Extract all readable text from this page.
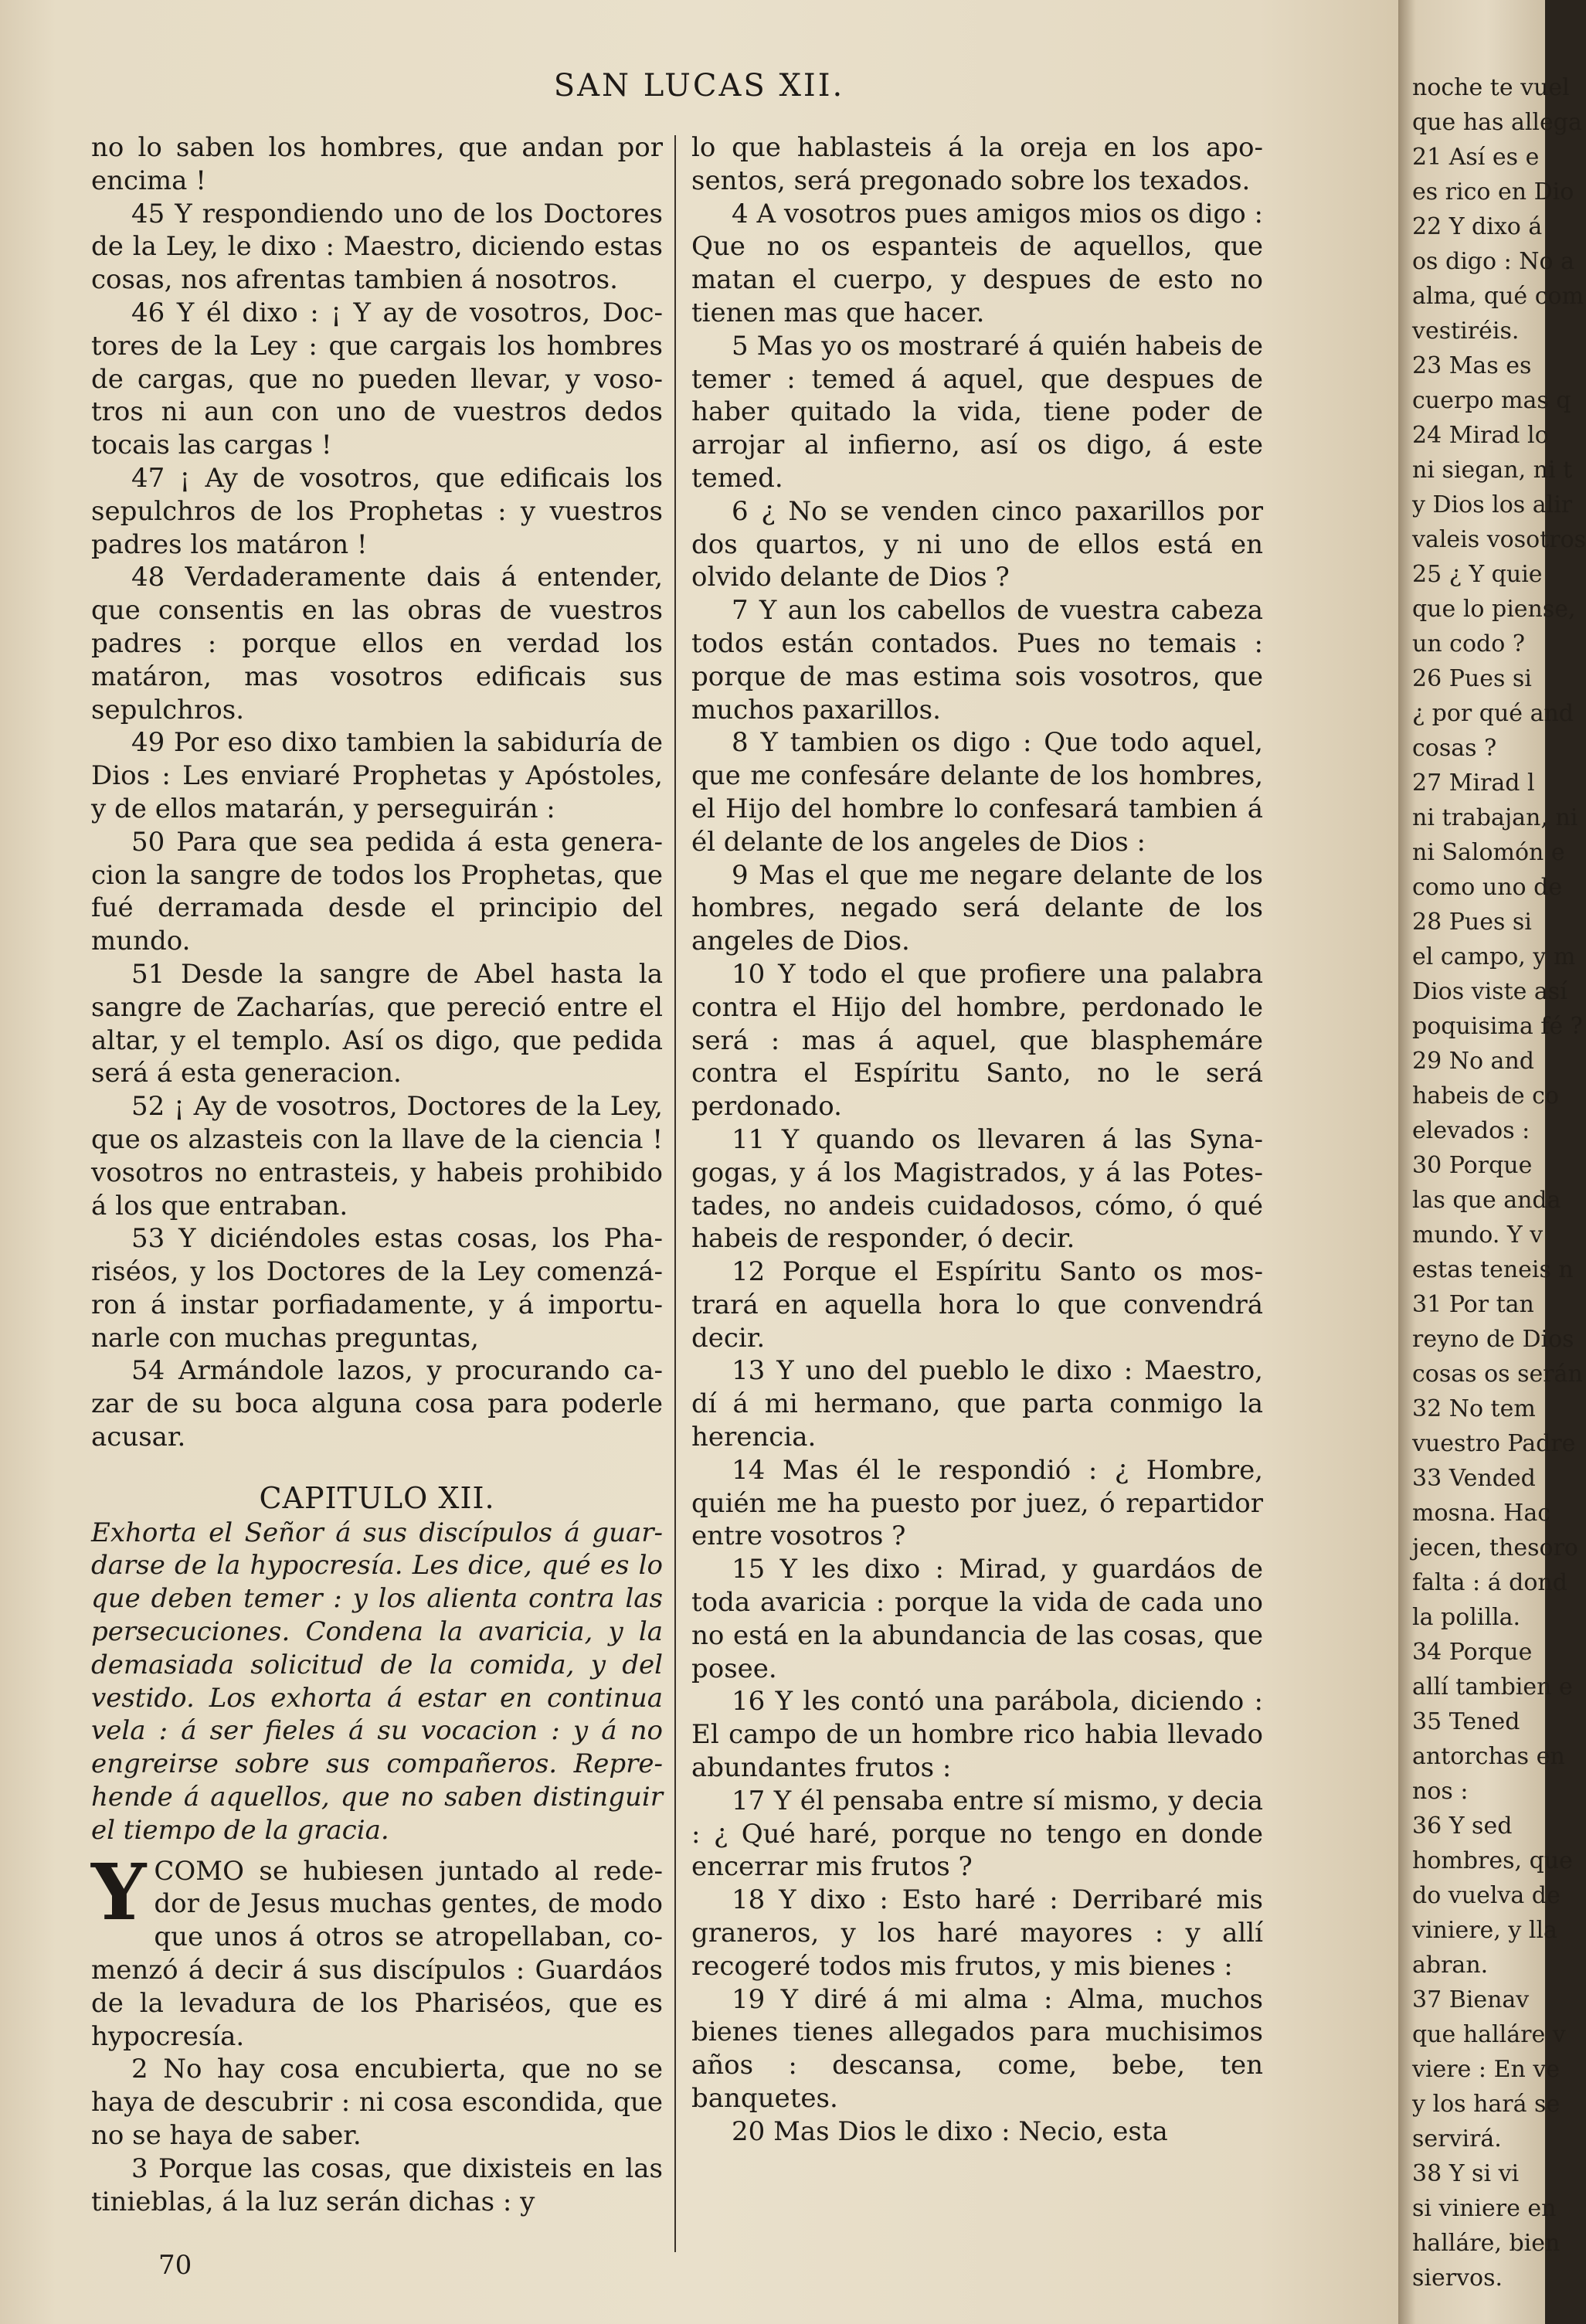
SAN LUCAS XII.

no lo saben los hombres, que andan por encima !

45 Y respondiendo uno de los Doctores de la Ley, le dixo : Maestro, diciendo estas cosas, nos afrentas tambien á nosotros.

46 Y él dixo : ¡ Y ay de vosotros, Doctores de la Ley : que cargais los hombres de cargas, que no pueden llevar, y vosotros ni aun con uno de vuestros dedos tocais las cargas !

47 ¡ Ay de vosotros, que edificais los sepulchros de los Prophetas : y vuestros padres los matáron !

48 Verdaderamente dais á entender, que consentis en las obras de vuestros padres : porque ellos en verdad los matáron, mas vosotros edificais sus sepulchros.

49 Por eso dixo tambien la sabiduría de Dios : Les enviaré Prophetas y Apóstoles, y de ellos matarán, y perseguirán :

50 Para que sea pedida á esta generacion la sangre de todos los Prophetas, que fué derramada desde el principio del mundo.

51 Desde la sangre de Abel hasta la sangre de Zacharías, que pereció entre el altar, y el templo. Así os digo, que pedida será á esta generacion.

52 ¡ Ay de vosotros, Doctores de la Ley, que os alzasteis con la llave de la ciencia ! vosotros no entrasteis, y habeis prohibido á los que entraban.

53 Y diciéndoles estas cosas, los Phariséos, y los Doctores de la Ley comenzáron á instar porfiadamente, y á importunarle con muchas preguntas,

54 Armándole lazos, y procurando cazar de su boca alguna cosa para poderle acusar.

CAPITULO XII.

Exhorta el Señor á sus discípulos á guardarse de la hypocresía. Les dice, qué es lo que deben temer : y los alienta contra las persecuciones. Condena la avaricia, y la demasiada solicitud de la comida, y del vestido. Los exhorta á estar en continua vela : á ser fieles á su vocacion : y á no engreirse sobre sus compañeros. Reprehende á aquellos, que no saben distinguir el tiempo de la gracia.

Y COMO se hubiesen juntado al rededor de Jesus muchas gentes, de modo que unos á otros se atropellaban, comenzó á decir á sus discípulos : Guardáos de la levadura de los Phariséos, que es hypocresía.

2 No hay cosa encubierta, que no se haya de descubrir : ni cosa escondida, que no se haya de saber.

3 Porque las cosas, que dixisteis en las tinieblas, á la luz serán dichas : y

lo que hablasteis á la oreja en los aposentos, será pregonado sobre los texados.

4 A vosotros pues amigos mios os digo : Que no os espanteis de aquellos, que matan el cuerpo, y despues de esto no tienen mas que hacer.

5 Mas yo os mostraré á quién habeis de temer : temed á aquel, que despues de haber quitado la vida, tiene poder de arrojar al infierno, así os digo, á este temed.

6 ¿ No se venden cinco paxarillos por dos quartos, y ni uno de ellos está en olvido delante de Dios ?

7 Y aun los cabellos de vuestra cabeza todos están contados. Pues no temais : porque de mas estima sois vosotros, que muchos paxarillos.

8 Y tambien os digo : Que todo aquel, que me confesáre delante de los hombres, el Hijo del hombre lo confesará tambien á él delante de los angeles de Dios :

9 Mas el que me negare delante de los hombres, negado será delante de los angeles de Dios.

10 Y todo el que profiere una palabra contra el Hijo del hombre, perdonado le será : mas á aquel, que blasphemáre contra el Espíritu Santo, no le será perdonado.

11 Y quando os llevaren á las Synagogas, y á los Magistrados, y á las Potestades, no andeis cuidadosos, cómo, ó qué habeis de responder, ó decir.

12 Porque el Espíritu Santo os mostrará en aquella hora lo que convendrá decir.

13 Y uno del pueblo le dixo : Maestro, dí á mi hermano, que parta conmigo la herencia.

14 Mas él le respondió : ¿ Hombre, quién me ha puesto por juez, ó repartidor entre vosotros ?

15 Y les dixo : Mirad, y guardáos de toda avaricia : porque la vida de cada uno no está en la abundancia de las cosas, que posee.

16 Y les contó una parábola, diciendo : El campo de un hombre rico habia llevado abundantes frutos :

17 Y él pensaba entre sí mismo, y decia : ¿ Qué haré, porque no tengo en donde encerrar mis frutos ?

18 Y dixo : Esto haré : Derribaré mis graneros, y los haré mayores : y allí recogeré todos mis frutos, y mis bienes :

19 Y diré á mi alma : Alma, muchos bienes tienes allegados para muchisimos años : descansa, come, bebe, ten banquetes.

20 Mas Dios le dixo : Necio, esta

70
noche te vuel
que has allega
21 Así es e
es rico en Dio
22 Y dixo á
os digo : No a
alma, qué com
vestiréis.
23 Mas es
cuerpo mas q
24 Mirad lo
ni siegan, ni t
y Dios los alir
valeis vosotros
25 ¿ Y quie
que lo piense,
un codo ?
26 Pues si
¿ por qué and
cosas ?
27 Mirad l
ni trabajan, ni
ni Salomón e
como uno de
28 Pues si
el campo, y m
Dios viste así
poquisima fé ?
29 No and
habeis de co
elevados :
30 Porque
las que anda
mundo. Y v
estas teneis n
31 Por tan
reyno de Dios
cosas os serán
32 No tem
vuestro Padre
33 Vended
mosna. Hac
jecen, thesoro
falta : á dond
la polilla.
34 Porque
allí tambien e
35 Tened
antorchas en
nos :
36 Y sed
hombres, que
do vuelva de
viniere, y lla
abran.
37 Bienav
que halláre v
viere : En ve
y los hará se
servirá.
38 Y si vi
si viniere en
halláre, bien
siervos.
